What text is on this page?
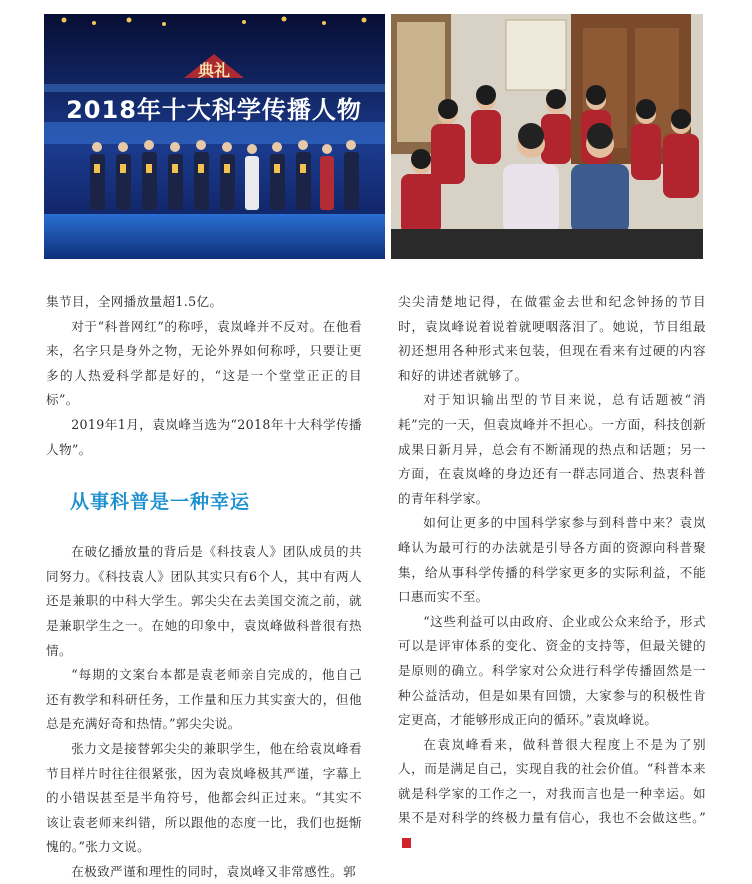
典礼
2018年十大科学传播人物

集节目，全网播放量超1.5亿。

对于“科普网红”的称呼，袁岚峰并不反对。在他看来，名字只是身外之物，无论外界如何称呼，只要让更多的人热爱科学都是好的，“这是一个堂堂正正的目标”。

2019年1月，袁岚峰当选为“2018年十大科学传播人物”。

从事科普是一种幸运

在破亿播放量的背后是《科技袁人》团队成员的共同努力。《科技袁人》团队其实只有6个人，其中有两人还是兼职的中科大学生。郭尖尖在去美国交流之前，就是兼职学生之一。在她的印象中，袁岚峰做科普很有热情。

“每期的文案台本都是袁老师亲自完成的，他自己还有教学和科研任务，工作量和压力其实蛮大的，但他总是充满好奇和热情。”郭尖尖说。

张力文是接替郭尖尖的兼职学生，他在给袁岚峰看节目样片时往往很紧张，因为袁岚峰极其严谨，字幕上的小错误甚至是半角符号，他都会纠正过来。“其实不该让袁老师来纠错，所以跟他的态度一比，我们也挺惭愧的。”张力文说。

在极致严谨和理性的同时，袁岚峰又非常感性。郭

尖尖清楚地记得，在做霍金去世和纪念钟扬的节目时，袁岚峰说着说着就哽咽落泪了。她说，节目组最初还想用各种形式来包装，但现在看来有过硬的内容和好的讲述者就够了。

对于知识输出型的节目来说，总有话题被“消耗”完的一天，但袁岚峰并不担心。一方面，科技创新成果日新月异，总会有不断涌现的热点和话题；另一方面，在袁岚峰的身边还有一群志同道合、热衷科普的青年科学家。

如何让更多的中国科学家参与到科普中来？袁岚峰认为最可行的办法就是引导各方面的资源向科普聚集，给从事科学传播的科学家更多的实际利益，不能口惠而实不至。

“这些利益可以由政府、企业或公众来给予，形式可以是评审体系的变化、资金的支持等，但最关键的是原则的确立。科学家对公众进行科学传播固然是一种公益活动，但是如果有回馈，大家参与的积极性肯定更高，才能够形成正向的循环。”袁岚峰说。

在袁岚峰看来，做科普很大程度上不是为了别人，而是满足自己，实现自我的社会价值。“科普本来就是科学家的工作之一，对我而言也是一种幸运。如果不是对科学的终极力量有信心，我也不会做这些。”
